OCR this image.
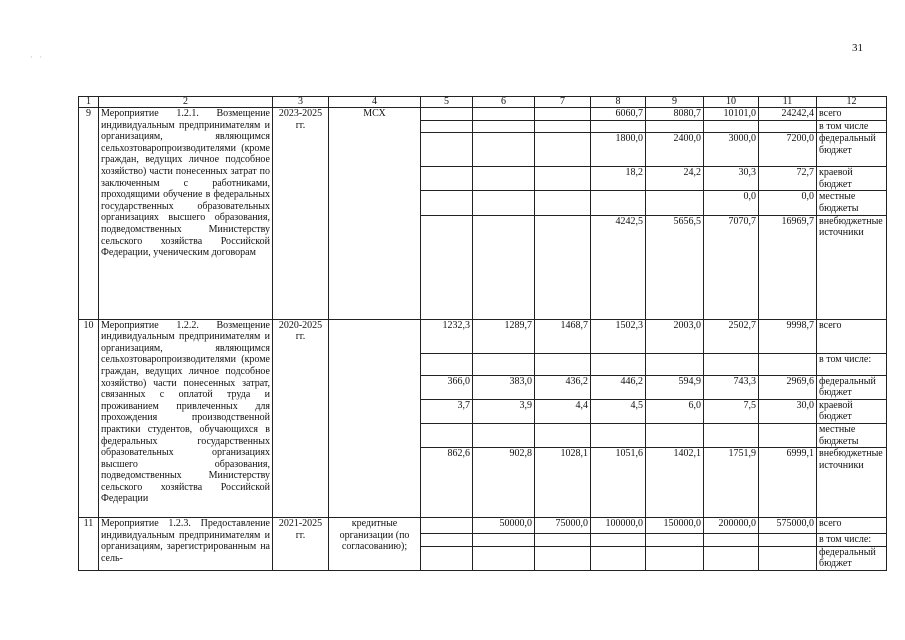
· ·
31
1	2	3	4	5	6	7	8	9	10	11	12
9	Мероприятие 1.2.1. Возмещение индивидуальным предпринимателям и организациям, являющимся сельхозтоваропроизводителями (кроме граждан, ведущих личное подсобное хозяйство) части понесенных затрат по заключенным с работниками, проходящими обучение в федеральных государственных образовательных организациях высшего образования, подведомственных Министерству сельского хозяйства Российской Федерации, ученическим договорам	2023-2025 гг.	МСХ				6060,7	8080,7	10101,0	24242,4	всего
											в том числе
							1800,0	2400,0	3000,0	7200,0	федеральный бюджет
							18,2	24,2	30,3	72,7	краевой бюджет
									0,0	0,0	местные бюджеты
							4242,5	5656,5	7070,7	16969,7	внебюджетные источники
10	Мероприятие 1.2.2. Возмещение индивидуальным предпринимателям и организациям, являющимся сельхозтоваропроизводителями (кроме граждан, ведущих личное подсобное хозяйство) части понесенных затрат, связанных с оплатой труда и проживанием привлеченных для прохождения производственной практики студентов, обучающихся в федеральных государственных образовательных организациях высшего образования, подведомственных Министерству сельского хозяйства Российской Федерации	2020-2025 гг.		1232,3	1289,7	1468,7	1502,3	2003,0	2502,7	9998,7	всего
											в том числе:
				366,0	383,0	436,2	446,2	594,9	743,3	2969,6	федеральный бюджет
				3,7	3,9	4,4	4,5	6,0	7,5	30,0	краевой бюджет
											местные бюджеты
				862,6	902,8	1028,1	1051,6	1402,1	1751,9	6999,1	внебюджетные источники
11	Мероприятие 1.2.3. Предоставление индивидуальным предпринимателям и организациям, зарегистрированным на сель-	2021-2025 гг.	кредитные организации (по согласованию);		50000,0	75000,0	100000,0	150000,0	200000,0	575000,0	всего
											в том числе:
											федеральный бюджет
